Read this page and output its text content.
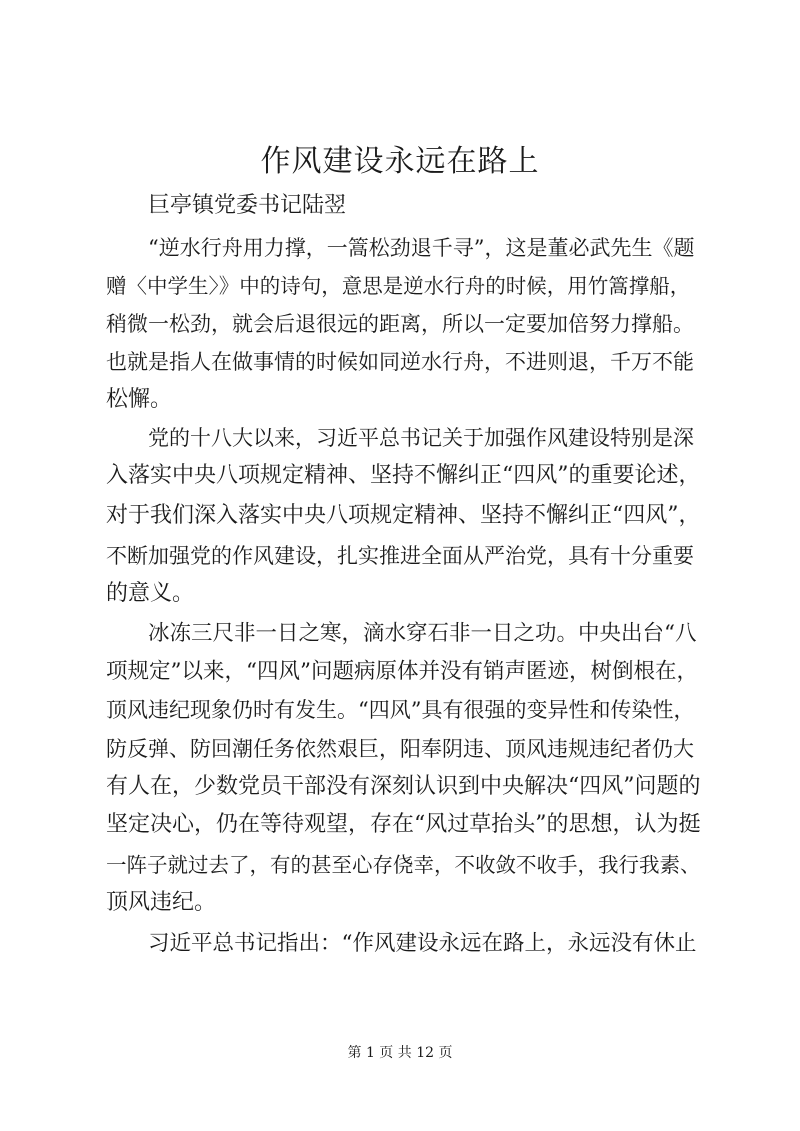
作风建设永远在路上

巨亭镇党委书记陆翌

“逆水行舟用力撑，一篙松劲退千寻”，这是董必武先生《题

赠〈中学生〉》中的诗句，意思是逆水行舟的时候，用竹篙撑船，

稍微一松劲，就会后退很远的距离，所以一定要加倍努力撑船。

也就是指人在做事情的时候如同逆水行舟，不进则退，千万不能

松懈。

党的十八大以来，习近平总书记关于加强作风建设特别是深

入落实中央八项规定精神、坚持不懈纠正“四风”的重要论述，

对于我们深入落实中央八项规定精神、坚持不懈纠正“四风”，

不断加强党的作风建设，扎实推进全面从严治党，具有十分重要

的意义。

冰冻三尺非一日之寒，滴水穿石非一日之功。中央出台“八

项规定”以来，“四风”问题病原体并没有销声匿迹，树倒根在，

顶风违纪现象仍时有发生。“四风”具有很强的变异性和传染性，

防反弹、防回潮任务依然艰巨，阳奉阴违、顶风违规违纪者仍大

有人在，少数党员干部没有深刻认识到中央解决“四风”问题的

坚定决心，仍在等待观望，存在“风过草抬头”的思想，认为挺

一阵子就过去了，有的甚至心存侥幸，不收敛不收手，我行我素、

顶风违纪。

习近平总书记指出：“作风建设永远在路上，永远没有休止

第 1 页 共 12 页
